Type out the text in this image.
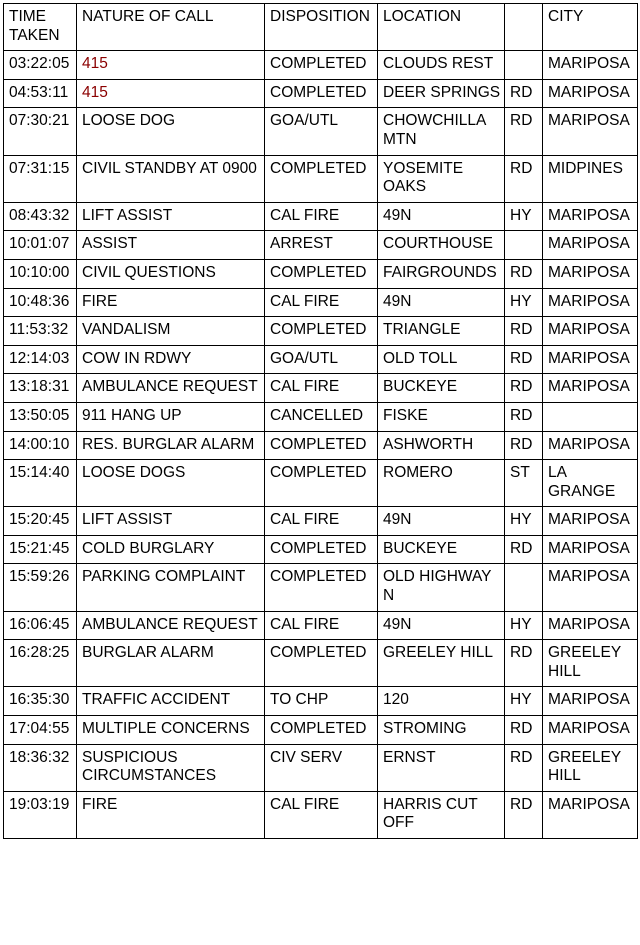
TIME TAKEN	NATURE OF CALL	DISPOSITION	LOCATION		CITY
03:22:05	415	COMPLETED	CLOUDS REST		MARIPOSA
04:53:11	415	COMPLETED	DEER SPRINGS	RD	MARIPOSA
07:30:21	LOOSE DOG	GOA/UTL	CHOWCHILLA MTN	RD	MARIPOSA
07:31:15	CIVIL STANDBY AT 0900	COMPLETED	YOSEMITE OAKS	RD	MIDPINES
08:43:32	LIFT ASSIST	CAL FIRE	49N	HY	MARIPOSA
10:01:07	ASSIST	ARREST	COURTHOUSE		MARIPOSA
10:10:00	CIVIL QUESTIONS	COMPLETED	FAIRGROUNDS	RD	MARIPOSA
10:48:36	FIRE	CAL FIRE	49N	HY	MARIPOSA
11:53:32	VANDALISM	COMPLETED	TRIANGLE	RD	MARIPOSA
12:14:03	COW IN RDWY	GOA/UTL	OLD TOLL	RD	MARIPOSA
13:18:31	AMBULANCE REQUEST	CAL FIRE	BUCKEYE	RD	MARIPOSA
13:50:05	911 HANG UP	CANCELLED	FISKE	RD	
14:00:10	RES. BURGLAR ALARM	COMPLETED	ASHWORTH	RD	MARIPOSA
15:14:40	LOOSE DOGS	COMPLETED	ROMERO	ST	LA GRANGE
15:20:45	LIFT ASSIST	CAL FIRE	49N	HY	MARIPOSA
15:21:45	COLD BURGLARY	COMPLETED	BUCKEYE	RD	MARIPOSA
15:59:26	PARKING COMPLAINT	COMPLETED	OLD HIGHWAY N		MARIPOSA
16:06:45	AMBULANCE REQUEST	CAL FIRE	49N	HY	MARIPOSA
16:28:25	BURGLAR ALARM	COMPLETED	GREELEY HILL	RD	GREELEY HILL
16:35:30	TRAFFIC ACCIDENT	TO CHP	120	HY	MARIPOSA
17:04:55	MULTIPLE CONCERNS	COMPLETED	STROMING	RD	MARIPOSA
18:36:32	SUSPICIOUS CIRCUMSTANCES	CIV SERV	ERNST	RD	GREELEY HILL
19:03:19	FIRE	CAL FIRE	HARRIS CUT OFF	RD	MARIPOSA
